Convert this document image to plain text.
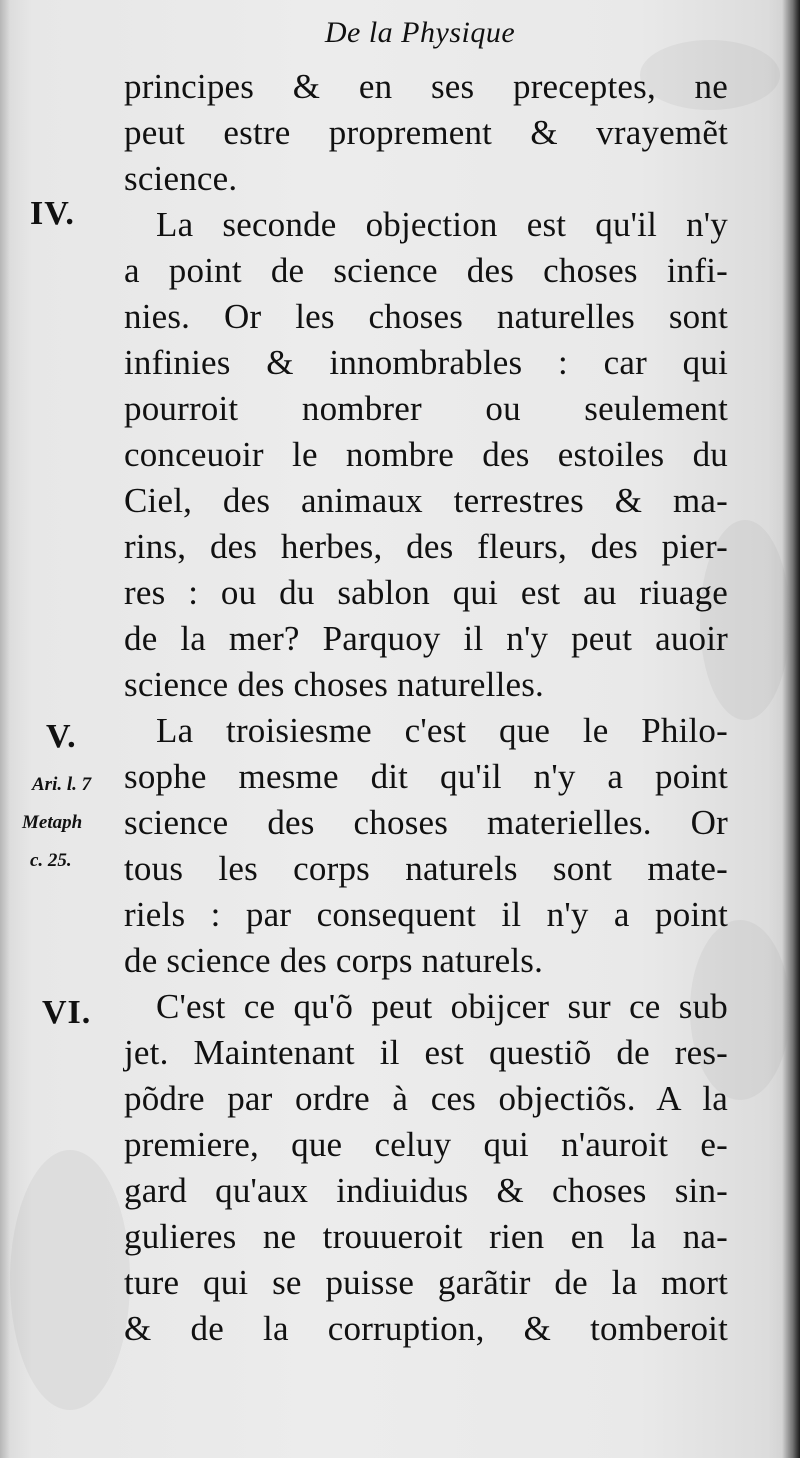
De la Physique
IV.
V.
VI.
Ari. l. 7
Metaph
c. 25.
principes & en ses preceptes, ne
peut estre proprement & vrayemẽt
science.
La seconde objection est qu'il n'y
a point de science des choses infi-
nies. Or les choses naturelles sont
infinies & innombrables : car qui
pourroit nombrer ou seulement
conceuoir le nombre des estoiles du
Ciel, des animaux terrestres & ma-
rins, des herbes, des fleurs, des pier-
res : ou du sablon qui est au riuage
de la mer? Parquoy il n'y peut auoir
science des choses naturelles.
La troisiesme c'est que le Philo-
sophe mesme dit qu'il n'y a point
science des choses materielles. Or
tous les corps naturels sont mate-
riels : par consequent il n'y a point
de science des corps naturels.
C'est ce qu'õ peut obijcer sur ce sub
jet. Maintenant il est questiõ de res-
põdre par ordre à ces objectiõs. A la
premiere, que celuy qui n'auroit e-
gard qu'aux indiuidus & choses sin-
gulieres ne trouueroit rien en la na-
ture qui se puisse garãtir de la mort
& de la corruption, & tomberoit
